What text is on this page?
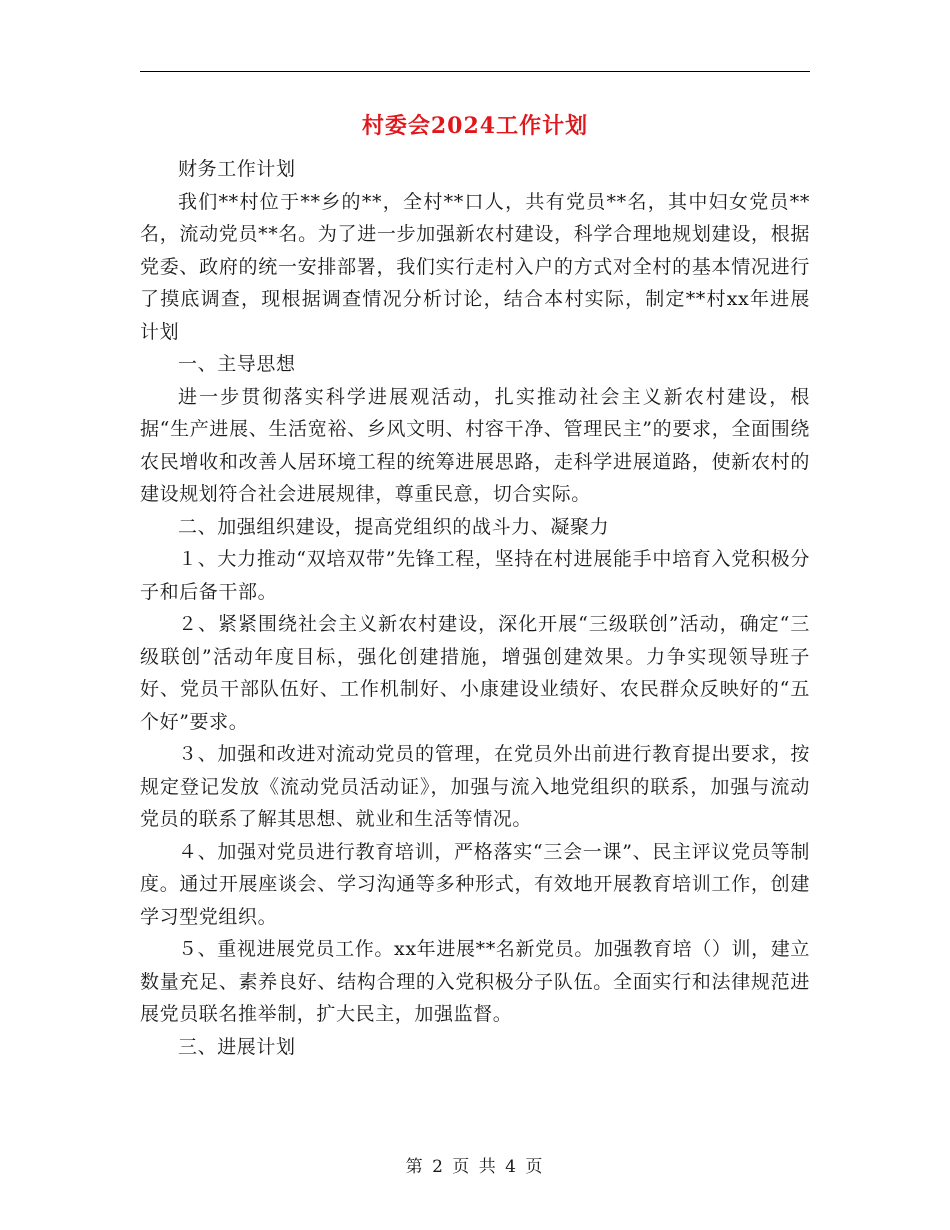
村委会2024工作计划

财务工作计划

我们**村位于**乡的**，全村**口人，共有党员**名，其中妇女党员**名，流动党员**名。为了进一步加强新农村建设，科学合理地规划建设，根据党委、政府的统一安排部署，我们实行走村入户的方式对全村的基本情况进行了摸底调查，现根据调查情况分析讨论，结合本村实际，制定**村xx年进展计划

一、主导思想

进一步贯彻落实科学进展观活动，扎实推动社会主义新农村建设，根据“生产进展、生活宽裕、乡风文明、村容干净、管理民主”的要求，全面围绕农民增收和改善人居环境工程的统筹进展思路，走科学进展道路，使新农村的建设规划符合社会进展规律，尊重民意，切合实际。

二、加强组织建设，提高党组织的战斗力、凝聚力

１、大力推动“双培双带”先锋工程，坚持在村进展能手中培育入党积极分子和后备干部。

２、紧紧围绕社会主义新农村建设，深化开展“三级联创”活动，确定“三级联创”活动年度目标，强化创建措施，增强创建效果。力争实现领导班子好、党员干部队伍好、工作机制好、小康建设业绩好、农民群众反映好的“五个好”要求。

３、加强和改进对流动党员的管理，在党员外出前进行教育提出要求，按规定登记发放《流动党员活动证》，加强与流入地党组织的联系，加强与流动党员的联系了解其思想、就业和生活等情况。

４、加强对党员进行教育培训，严格落实“三会一课”、民主评议党员等制度。通过开展座谈会、学习沟通等多种形式，有效地开展教育培训工作，创建学习型党组织。

５、重视进展党员工作。xx年进展**名新党员。加强教育培（）训，建立数量充足、素养良好、结构合理的入党积极分子队伍。全面实行和法律规范进展党员联名推举制，扩大民主，加强监督。

三、进展计划

第 2 页 共 4 页
